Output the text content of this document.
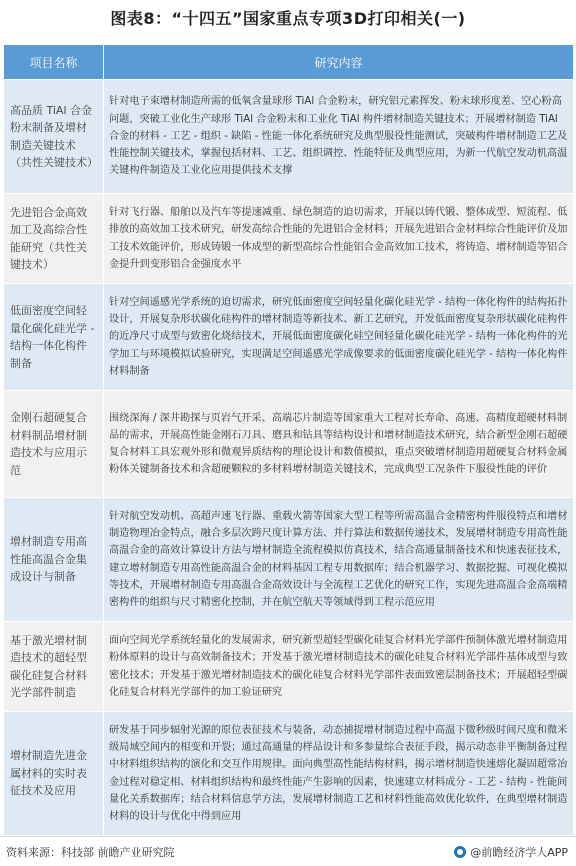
图表8：“十四五”国家重点专项3D打印相关(一)
项目名称	研究内容
高品质 TiAl 合金粉末制备及增材制造关键技术（共性关键技术）	针对电子束增材制造所需的低氧含量球形 TiAl 合金粉末，研究铝元素挥发、粉末球形度差、空心粉高问题，突破工业化生产球形 TiAl 合金粉末和工业化 TiAl 构件增材制造关键技术；开展增材制造 TiAl 合金的材料 - 工艺 - 组织 - 缺陷 - 性能一体化系统研究及典型服役性能测试，突破构件增材制造工艺及性能控制关键技术，掌握包括材料、工艺、组织调控、性能特征及典型应用，为新一代航空发动机高温关键构件制造及工业化应用提供技术支撑
先进铝合金高效加工及高综合性能研究（共性关键技术）	针对飞行器、船舶以及汽车等提速减重、绿色制造的迫切需求，开展以铸代锻、整体成型、短流程、低排放的高效加工技术研究，研发高综合性能的先进铝合金材料；开展先进铝合金材料综合性能评价及加工技术效能评价，形成铸锻一体成型的新型高综合性能铝合金高效加工技术，将铸造、增材制造等铝合金提升到变形铝合金强度水平
低面密度空间轻量化碳化硅光学 - 结构一体化构件制备	针对空间遥感光学系统的迫切需求，研究低面密度空间轻量化碳化硅光学 - 结构一体化构件的结构拓扑设计，开展复杂形状碳化硅构件的增材制造等新技术、新工艺研究，开发低面密度复杂形状碳化硅构件的近净尺寸成型与致密化烧结技术，开展低面密度碳化硅空间轻量化碳化硅光学 - 结构一体化构件的光学加工与环境模拟试验研究，实现满足空间遥感光学成像要求的低面密度碳化硅光学 - 结构一体化构件材料制备
金刚石超硬复合材料制品增材制造技术与应用示范	围绕深海 / 深井勘探与页岩气开采、高端芯片制造等国家重大工程对长寿命、高速、高精度超硬材料制品的需求，开展高性能金刚石刀具、磨具和钻具等结构设计和增材制造技术研究，结合新型金刚石超硬复合材料工具宏观外形和微观异质结构的理论设计和数值模拟，重点突破增材制造用超硬复合材料金属粉体关键制备技术和含超硬颗粒的多材料增材制造关键技术，完成典型工况条件下服役性能的评价
增材制造专用高性能高温合金集成设计与制备	针对航空发动机、高超声速飞行器、重载火箭等国家大型工程等所需高温合金精密构件服役特点和增材制造物理冶金特点，融合多层次跨尺度计算方法、并行算法和数据传递技术，发展增材制造专用高性能高温合金的高效计算设计方法与增材制造全流程模拟仿真技术，结合高通量制备技术和快速表征技术，建立增材制造专用高性能高温合金的材料基因工程专用数据库；结合机器学习、数据挖掘、可视化模拟等技术，开展增材制造专用高温合金高效设计与全流程工艺优化的研究工作，实现先进高温合金高端精密构件的组织与尺寸精密化控制，并在航空航天等领域得到工程示范应用
基于激光增材制造技术的超轻型碳化硅复合材料光学部件制造	面向空间光学系统轻量化的发展需求，研究新型超轻型碳化硅复合材料光学部件预制体激光增材制造用粉体原料的设计与高效制备技术；开发基于激光增材制造技术的碳化硅复合材料光学部件基体成型与致密化技术；开发基于激光增材制造技术的碳化硅复合材料光学部件表面致密层制备技术；开展超轻型碳化硅复合材料光学部件的加工验证研究
增材制造先进金属材料的实时表征技术及应用	研发基于同步辐射光源的原位表征技术与装备，动态捕捉增材制造过程中高温下微秒级时间尺度和微米级局域空间内的相变和开裂；通过高通量的样品设计和多参量综合表征手段，揭示动态非平衡制备过程中材料组织结构的演化和交互作用规律。面向典型高性能结构材料，揭示增材制造快速熔化凝固超常冶金过程对稳定相、材料组织结构和最终性能产生影响的因素，快速建立材料成分 - 工艺 - 结构 - 性能间量化关系数据库；结合材料信息学方法，发展增材制造工艺和材料性能高效优化软件，在典型增材制造材料的设计与优化中得到应用
资料来源：科技部 前瞻产业研究院	@前瞻经济学人APP
